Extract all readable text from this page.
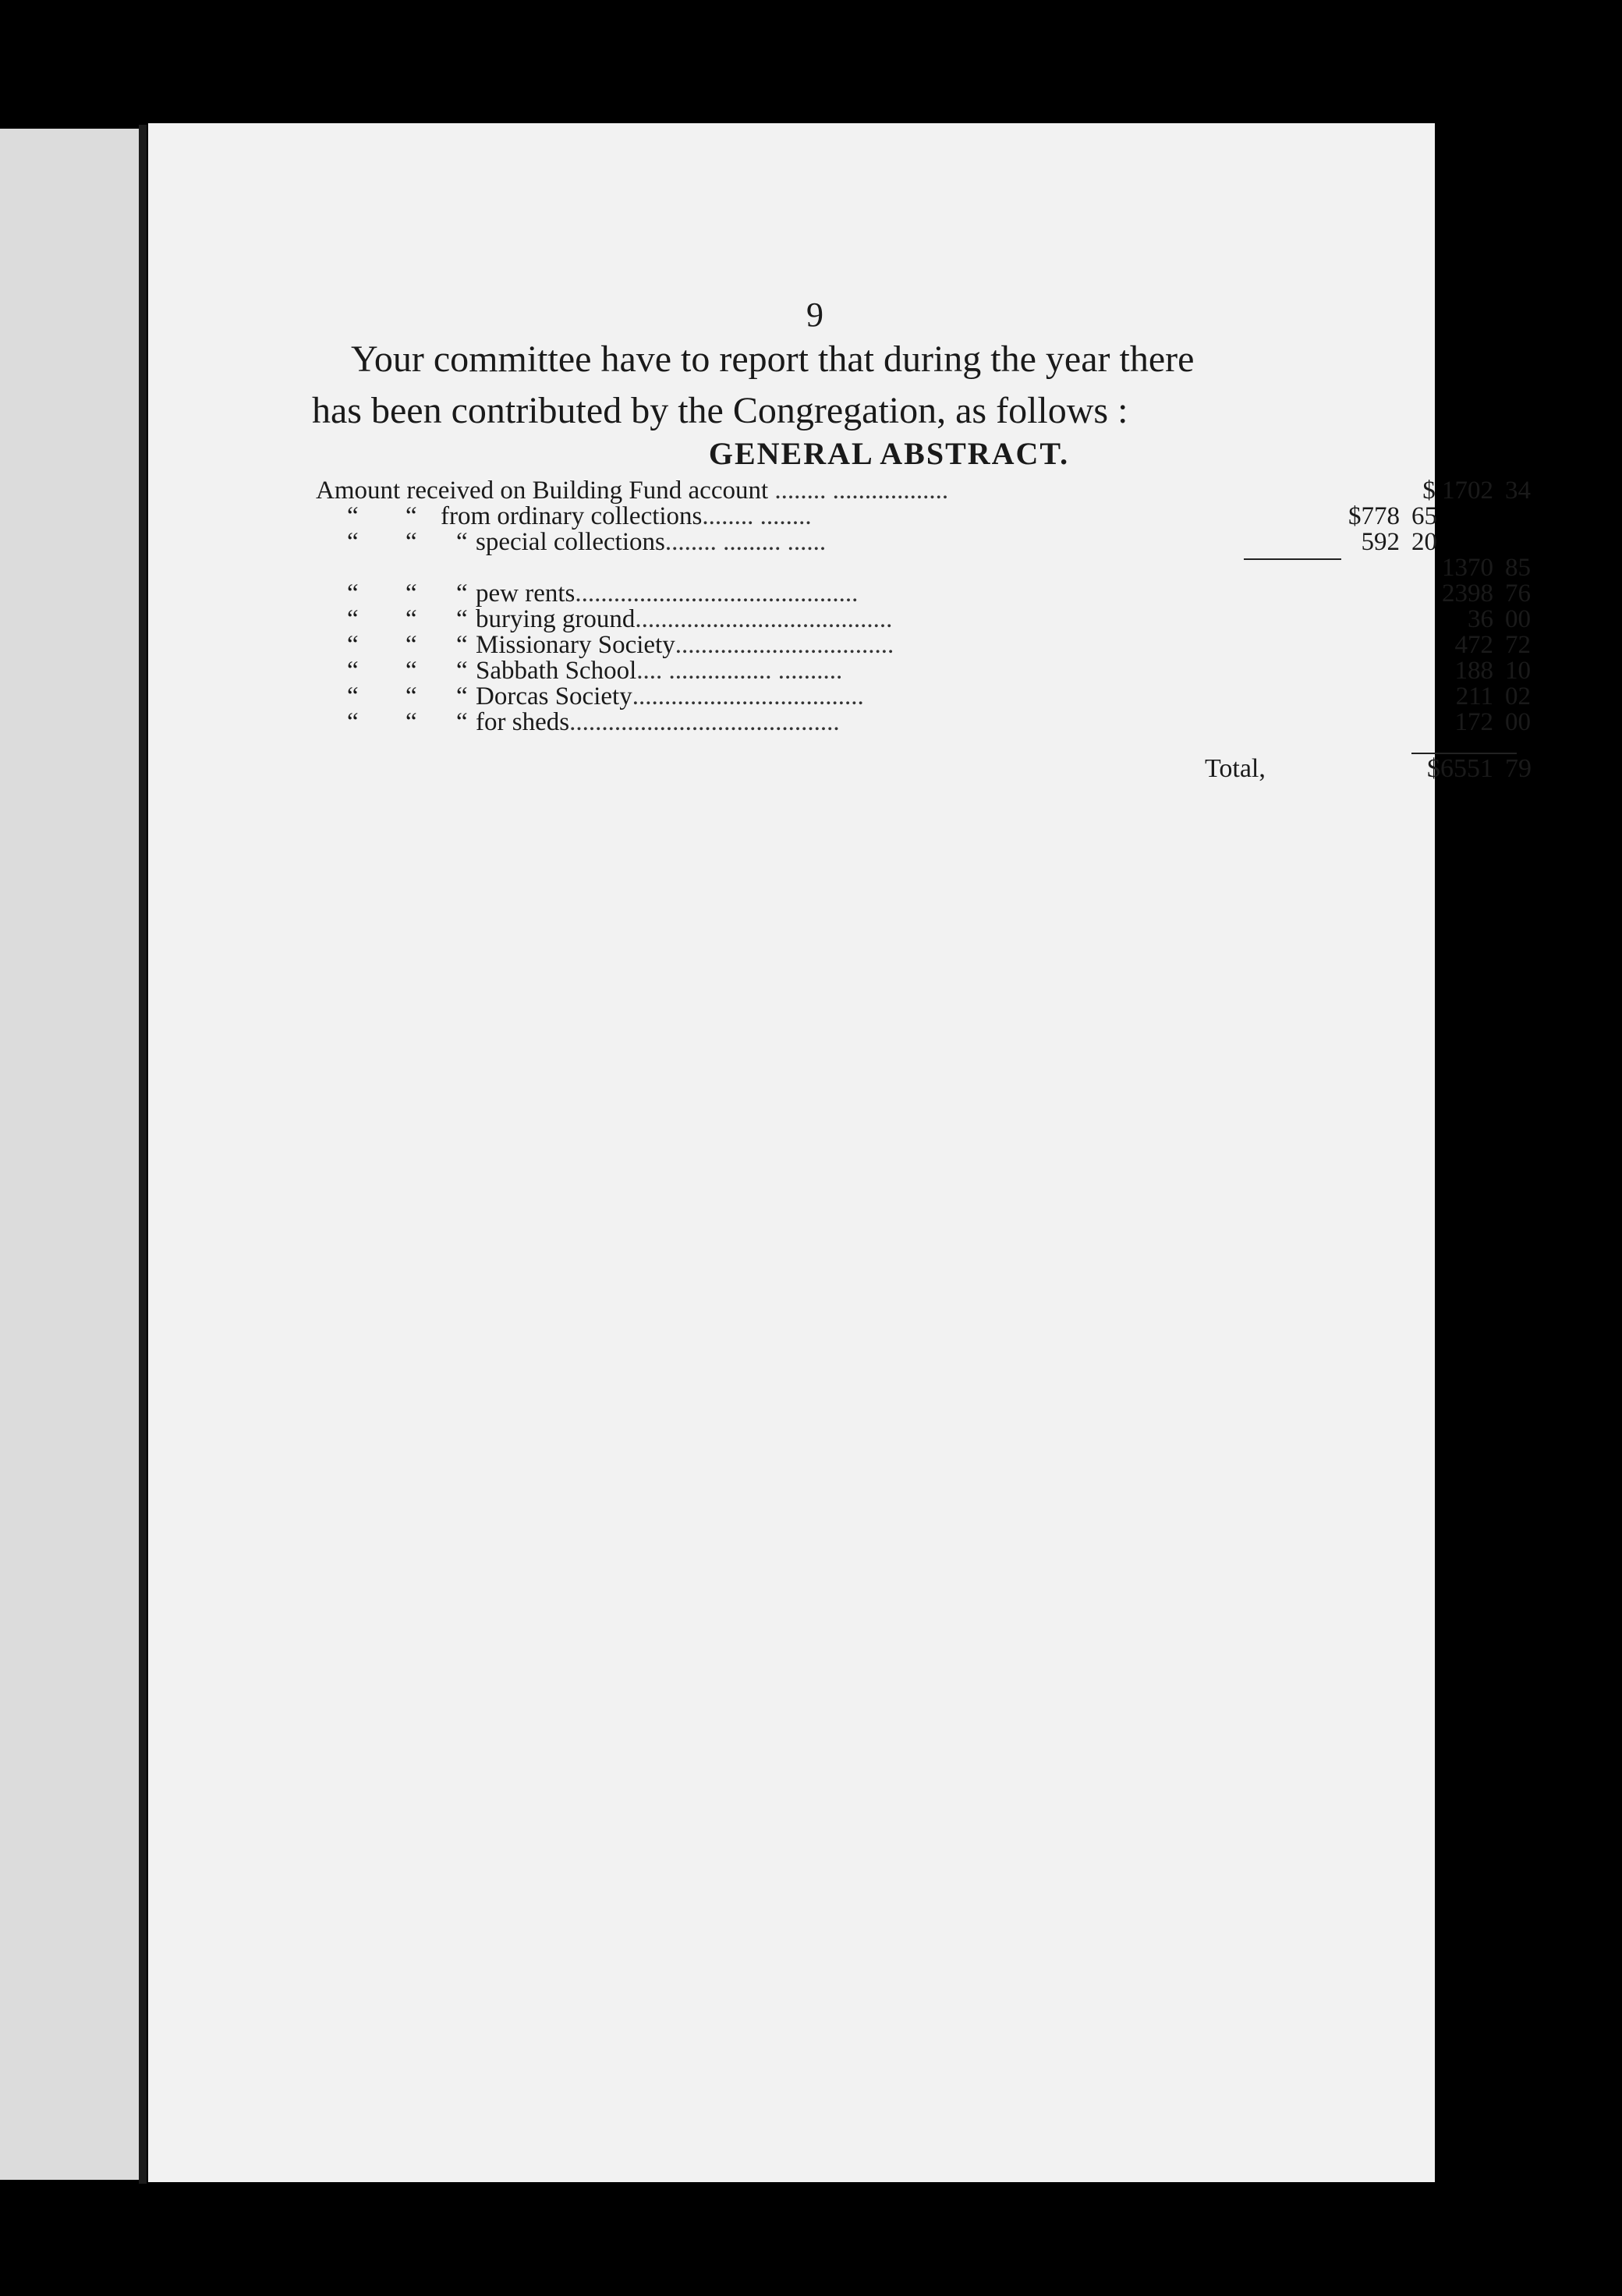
9

Your committee have to report that during the year there

has been contributed by the Congregation, as follows :

GENERAL ABSTRACT.
Amount received on Building Fund account ........ ..................	$ 1702 34
“ “ from ordinary collections........ ........	$778 65
“ “ “ special collections........ ......... ......	592 20
1370 85
“ “ “ pew rents............................................	2398 76
“ “ “ burying ground........................................	36 00
“ “ “ Missionary Society..................................	472 72
“ “ “ Sabbath School.... ................ ..........	188 10
“ “ “ Dorcas Society....................................	211 02
“ “ “ for sheds..........................................	172 00
Total,	$6551 79
